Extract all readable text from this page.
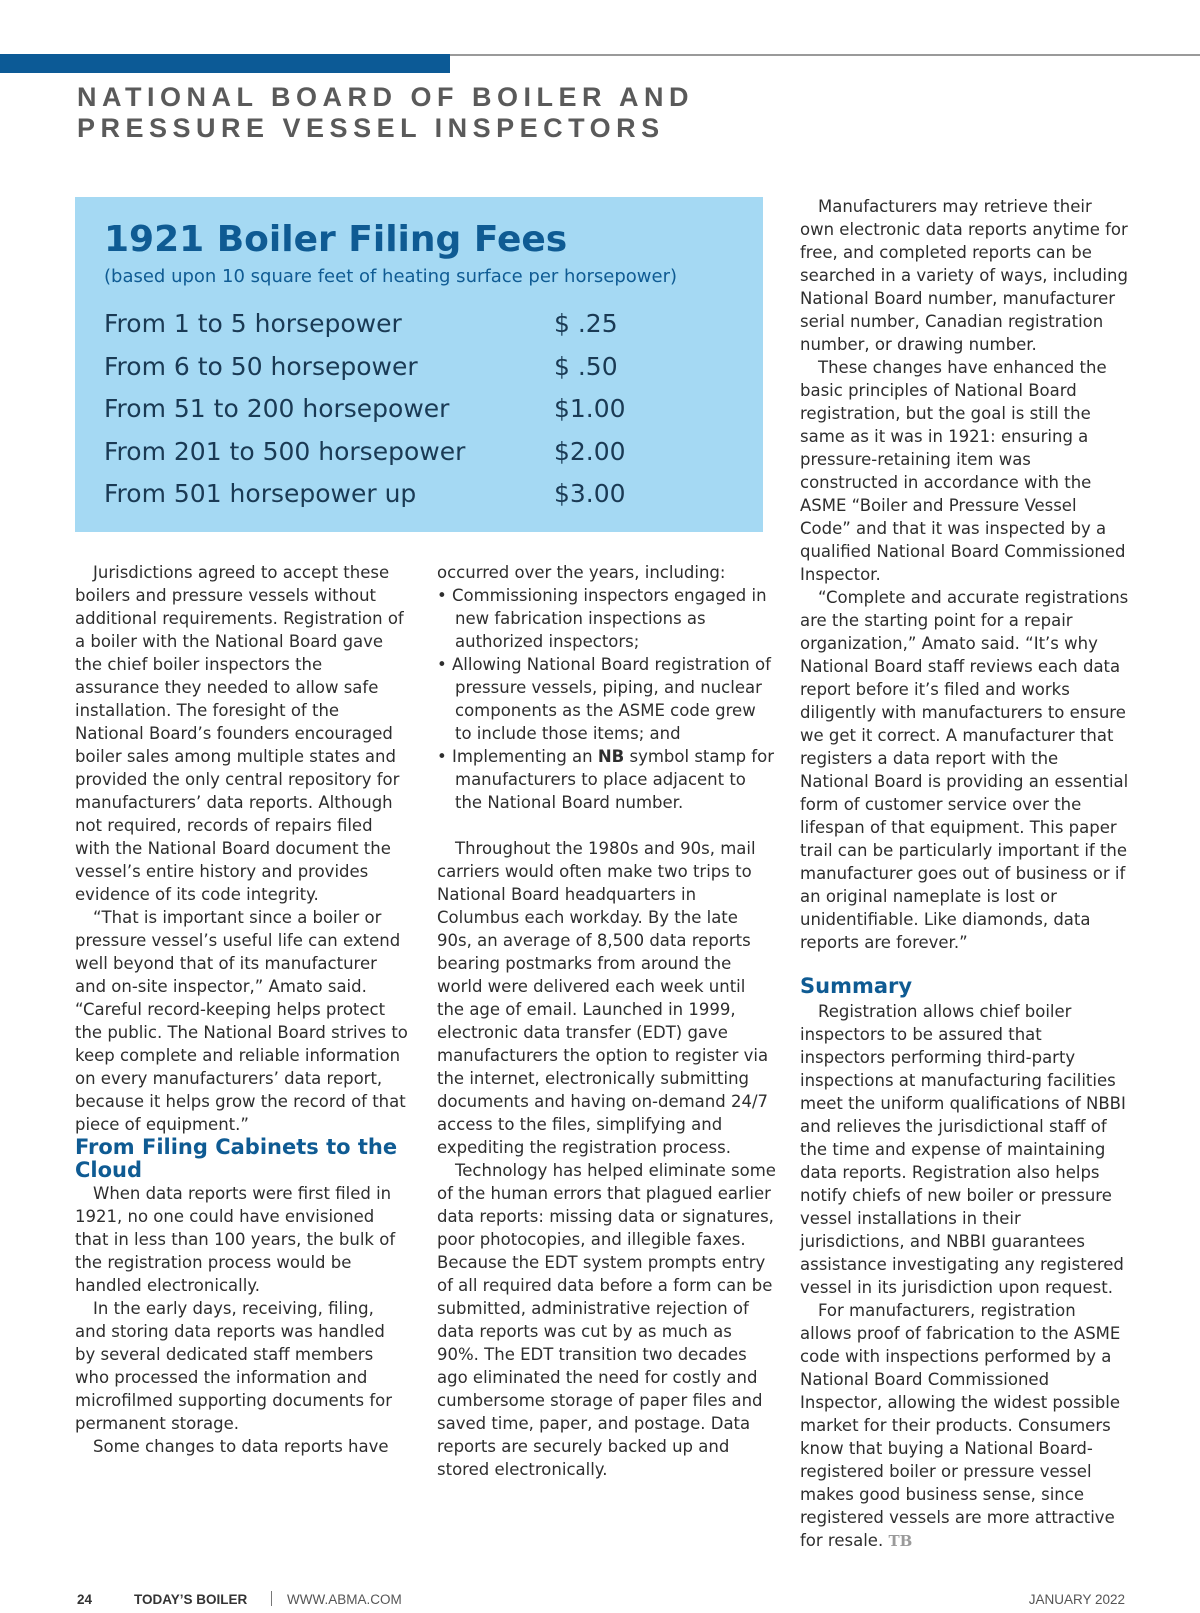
NATIONAL BOARD OF BOILER AND
PRESSURE VESSEL INSPECTORS
1921 Boiler Filing Fees
(based upon 10 square feet of heating surface per horsepower)
From 1 to 5 horsepower	$ .25
From 6 to 50 horsepower	$ .50
From 51 to 200 horsepower	$1.00
From 201 to 500 horsepower	$2.00
From 501 horsepower up	$3.00

Jurisdictions agreed to accept these boilers and pressure vessels without additional requirements. Registration of a boiler with the National Board gave the chief boiler inspectors the assurance they needed to allow safe installation. The foresight of the National Board’s founders encouraged boiler sales among multiple states and provided the only central repository for manufacturers’ data reports. Although not required, records of repairs filed with the National Board document the vessel’s entire history and provides evidence of its code integrity.

“That is important since a boiler or pressure vessel’s useful life can extend well beyond that of its manufacturer and on-site inspector,” Amato said. “Careful record-keeping helps protect the public. The National Board strives to keep complete and reliable information on every manufacturers’ data report, because it helps grow the record of that piece of equipment.”

From Filing Cabinets to the Cloud

When data reports were first filed in 1921, no one could have envisioned that in less than 100 years, the bulk of the registration process would be handled electronically.

In the early days, receiving, filing, and storing data reports was handled by several dedicated staff members who processed the information and microfilmed supporting documents for permanent storage.

Some changes to data reports have

occurred over the years, including:

• Commissioning inspectors engaged in new fabrication inspections as authorized inspectors;
• Allowing National Board registration of pressure vessels, piping, and nuclear components as the ASME code grew to include those items; and
• Implementing an NB symbol stamp for manufacturers to place adjacent to the National Board number.

Throughout the 1980s and 90s, mail carriers would often make two trips to National Board headquarters in Columbus each workday. By the late 90s, an average of 8,500 data reports bearing postmarks from around the world were delivered each week until the age of email. Launched in 1999, electronic data transfer (EDT) gave manufacturers the option to register via the internet, electronically submitting documents and having on-demand 24/7 access to the files, simplifying and expediting the registration process.

Technology has helped eliminate some of the human errors that plagued earlier data reports: missing data or signatures, poor photocopies, and illegible faxes. Because the EDT system prompts entry of all required data before a form can be submitted, administrative rejection of data reports was cut by as much as 90%. The EDT transition two decades ago eliminated the need for costly and cumbersome storage of paper files and saved time, paper, and postage. Data reports are securely backed up and stored electronically.

Manufacturers may retrieve their own electronic data reports anytime for free, and completed reports can be searched in a variety of ways, including National Board number, manufacturer serial number, Canadian registration number, or drawing number.

These changes have enhanced the basic principles of National Board registration, but the goal is still the same as it was in 1921: ensuring a pressure-retaining item was constructed in accordance with the ASME “Boiler and Pressure Vessel Code” and that it was inspected by a qualified National Board Commissioned Inspector.

“Complete and accurate registrations are the starting point for a repair organization,” Amato said. “It’s why National Board staff reviews each data report before it’s filed and works diligently with manufacturers to ensure we get it correct. A manufacturer that registers a data report with the National Board is providing an essential form of customer service over the lifespan of that equipment. This paper trail can be particularly important if the manufacturer goes out of business or if an original nameplate is lost or unidentifiable. Like diamonds, data reports are forever.”

Summary

Registration allows chief boiler inspectors to be assured that inspectors performing third-party inspections at manufacturing facilities meet the uniform qualifications of NBBI and relieves the jurisdictional staff of the time and expense of maintaining data reports. Registration also helps notify chiefs of new boiler or pressure vessel installations in their jurisdictions, and NBBI guarantees assistance investigating any registered vessel in its jurisdiction upon request.

For manufacturers, registration allows proof of fabrication to the ASME code with inspections performed by a National Board Commissioned Inspector, allowing the widest possible market for their products. Consumers know that buying a National Board-registered boiler or pressure vessel makes good business sense, since registered vessels are more attractive for resale. TB

24	TODAY’S BOILER	WWW.ABMA.COM	JANUARY 2022
